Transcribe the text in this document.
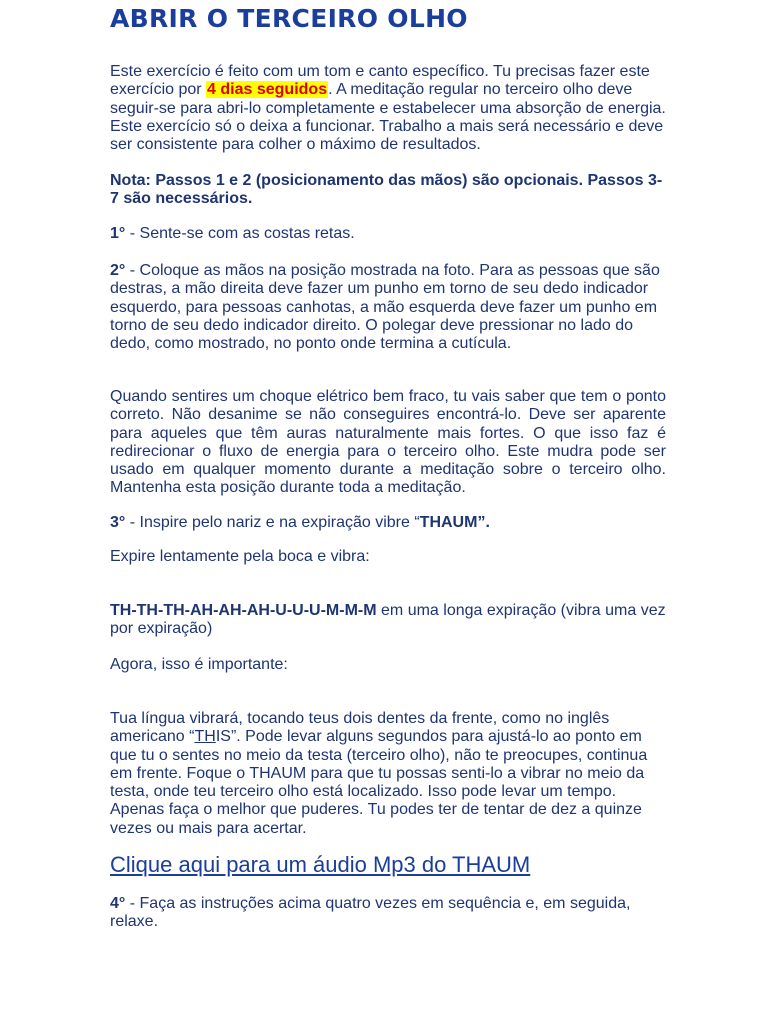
ABRIR O TERCEIRO OLHO

Este exercício é feito com um tom e canto específico. Tu precisas fazer este exercício por 4 dias seguidos. A meditação regular no terceiro olho deve seguir-se para abri-lo completamente e estabelecer uma absorção de energia. Este exercício só o deixa a funcionar. Trabalho a mais será necessário e deve ser consistente para colher o máximo de resultados.

Nota: Passos 1 e 2 (posicionamento das mãos) são opcionais. Passos 3-7 são necessários.

1° - Sente-se com as costas retas.

2° - Coloque as mãos na posição mostrada na foto. Para as pessoas que são destras, a mão direita deve fazer um punho em torno de seu dedo indicador esquerdo, para pessoas canhotas, a mão esquerda deve fazer um punho em torno de seu dedo indicador direito. O polegar deve pressionar no lado do dedo, como mostrado, no ponto onde termina a cutícula.

Quando sentires um choque elétrico bem fraco, tu vais saber que tem o ponto correto. Não desanime se não conseguires encontrá-lo. Deve ser aparente para aqueles que têm auras naturalmente mais fortes. O que isso faz é redirecionar o fluxo de energia para o terceiro olho. Este mudra pode ser usado em qualquer momento durante a meditação sobre o terceiro olho. Mantenha esta posição durante toda a meditação.

3° - Inspire pelo nariz e na expiração vibre “THAUM”.

Expire lentamente pela boca e vibra:

TH-TH-TH-AH-AH-AH-U-U-U-M-M-M em uma longa expiração (vibra uma vez por expiração)

Agora, isso é importante:

Tua língua vibrará, tocando teus dois dentes da frente, como no inglês americano “THIS”. Pode levar alguns segundos para ajustá-lo ao ponto em que tu o sentes no meio da testa (terceiro olho), não te preocupes, continua em frente. Foque o THAUM para que tu possas senti-lo a vibrar no meio da testa, onde teu terceiro olho está localizado. Isso pode levar um tempo. Apenas faça o melhor que puderes. Tu podes ter de tentar de dez a quinze vezes ou mais para acertar.

Clique aqui para um áudio Mp3 do THAUM

4° - Faça as instruções acima quatro vezes em sequência e, em seguida, relaxe.
